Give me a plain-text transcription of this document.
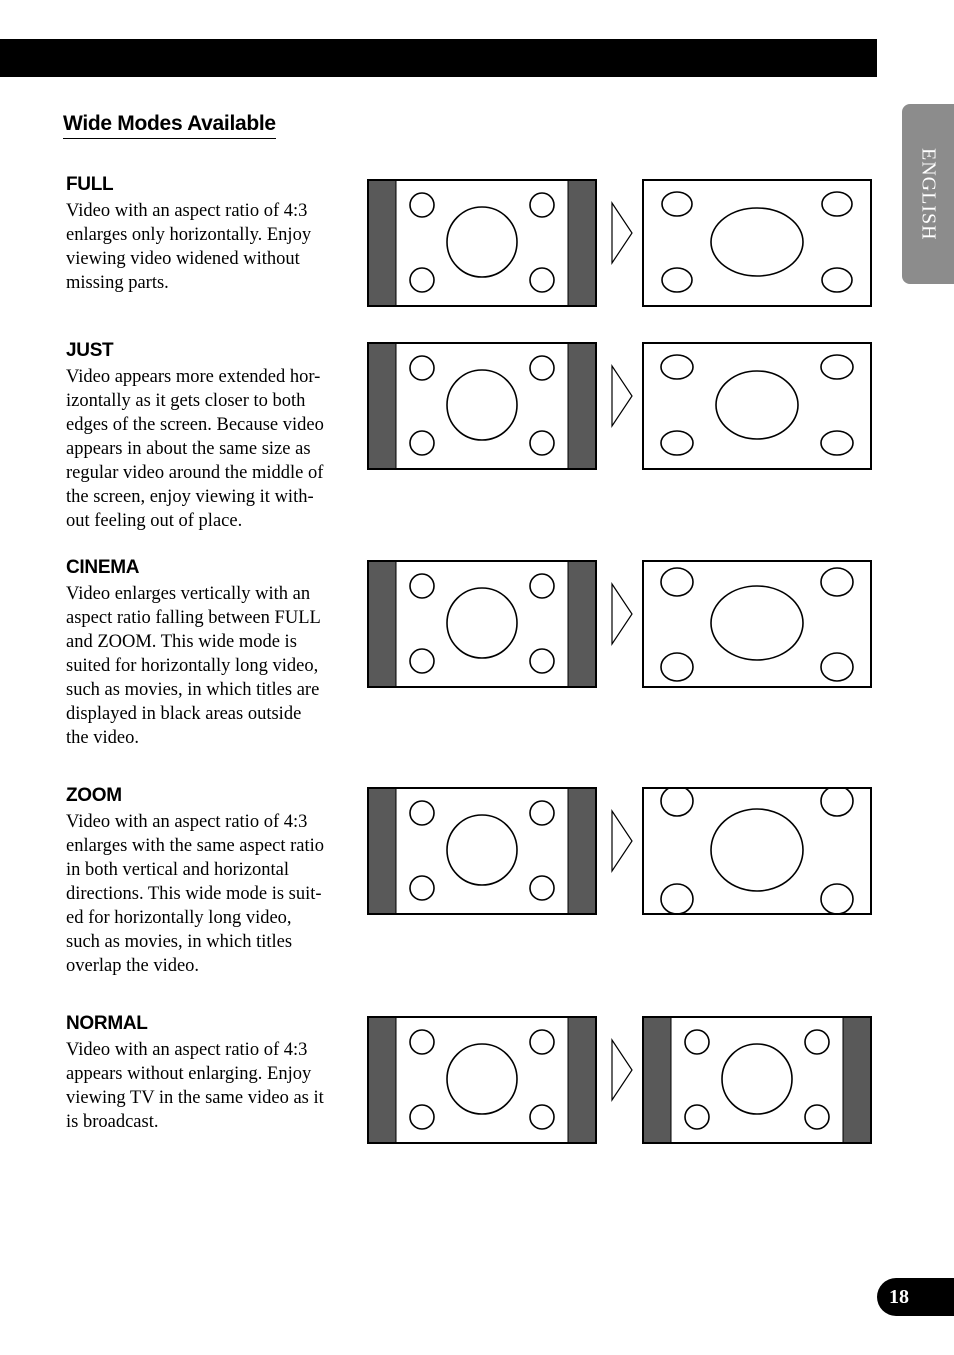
Wide Modes Available
ENGLISH
FULL
Video with an aspect ratio of 4:3
enlarges only horizontally. Enjoy
viewing video widened without
missing parts.
JUST
Video appears more extended hor-
izontally as it gets closer to both
edges of the screen. Because video
appears in about the same size as
regular video around the middle of
the screen, enjoy viewing it with-
out feeling out of place.
CINEMA
Video enlarges vertically with an
aspect ratio falling between FULL
and ZOOM. This wide mode is
suited for horizontally long video,
such as movies, in which titles are
displayed in black areas outside
the video.
ZOOM
Video with an aspect ratio of 4:3
enlarges with the same aspect ratio
in both vertical and horizontal
directions. This wide mode is suit-
ed for horizontally long video,
such as movies, in which titles
overlap the video.
NORMAL
Video with an aspect ratio of 4:3
appears without enlarging. Enjoy
viewing TV in the same video as it
is broadcast.
18
